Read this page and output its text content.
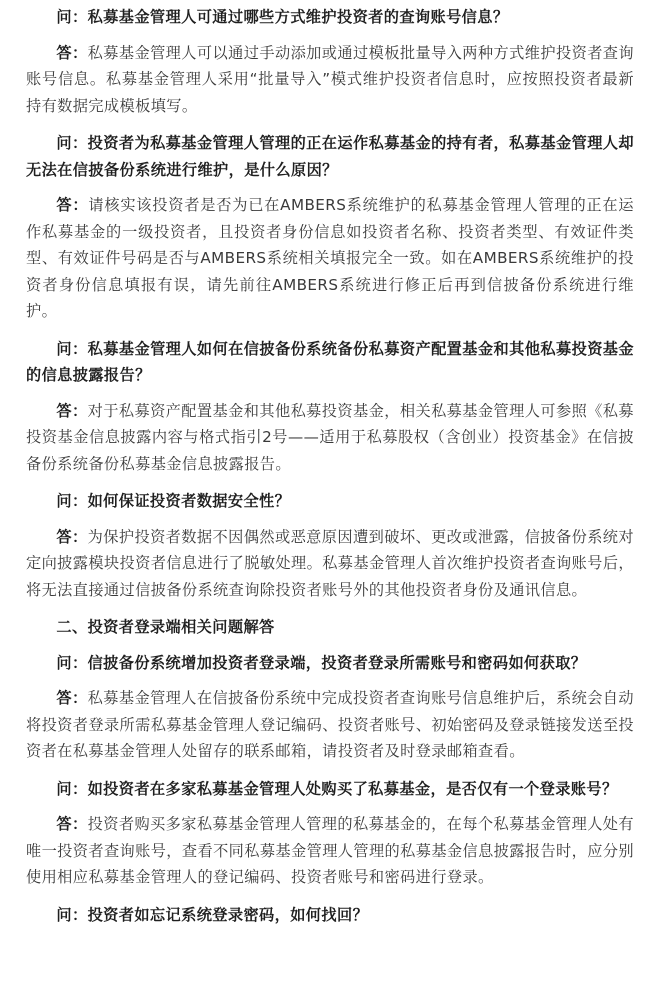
问：私募基金管理人可通过哪些方式维护投资者的查询账号信息？

答：私募基金管理人可以通过手动添加或通过模板批量导入两种方式维护投资者查询账号信息。私募基金管理人采用“批量导入”模式维护投资者信息时，应按照投资者最新持有数据完成模板填写。

问：投资者为私募基金管理人管理的正在运作私募基金的持有者，私募基金管理人却无法在信披备份系统进行维护，是什么原因？

答：请核实该投资者是否为已在AMBERS系统维护的私募基金管理人管理的正在运作私募基金的一级投资者，且投资者身份信息如投资者名称、投资者类型、有效证件类型、有效证件号码是否与AMBERS系统相关填报完全一致。如在AMBERS系统维护的投资者身份信息填报有误，请先前往AMBERS系统进行修正后再到信披备份系统进行维护。

问：私募基金管理人如何在信披备份系统备份私募资产配置基金和其他私募投资基金的信息披露报告？

答：对于私募资产配置基金和其他私募投资基金，相关私募基金管理人可参照《私募投资基金信息披露内容与格式指引2号——适用于私募股权（含创业）投资基金》在信披备份系统备份私募基金信息披露报告。

问：如何保证投资者数据安全性？

答：为保护投资者数据不因偶然或恶意原因遭到破坏、更改或泄露，信披备份系统对定向披露模块投资者信息进行了脱敏处理。私募基金管理人首次维护投资者查询账号后，将无法直接通过信披备份系统查询除投资者账号外的其他投资者身份及通讯信息。

二、投资者登录端相关问题解答

问：信披备份系统增加投资者登录端，投资者登录所需账号和密码如何获取？

答：私募基金管理人在信披备份系统中完成投资者查询账号信息维护后，系统会自动将投资者登录所需私募基金管理人登记编码、投资者账号、初始密码及登录链接发送至投资者在私募基金管理人处留存的联系邮箱，请投资者及时登录邮箱查看。

问：如投资者在多家私募基金管理人处购买了私募基金，是否仅有一个登录账号？

答：投资者购买多家私募基金管理人管理的私募基金的，在每个私募基金管理人处有唯一投资者查询账号，查看不同私募基金管理人管理的私募基金信息披露报告时，应分别使用相应私募基金管理人的登记编码、投资者账号和密码进行登录。

问：投资者如忘记系统登录密码，如何找回？
